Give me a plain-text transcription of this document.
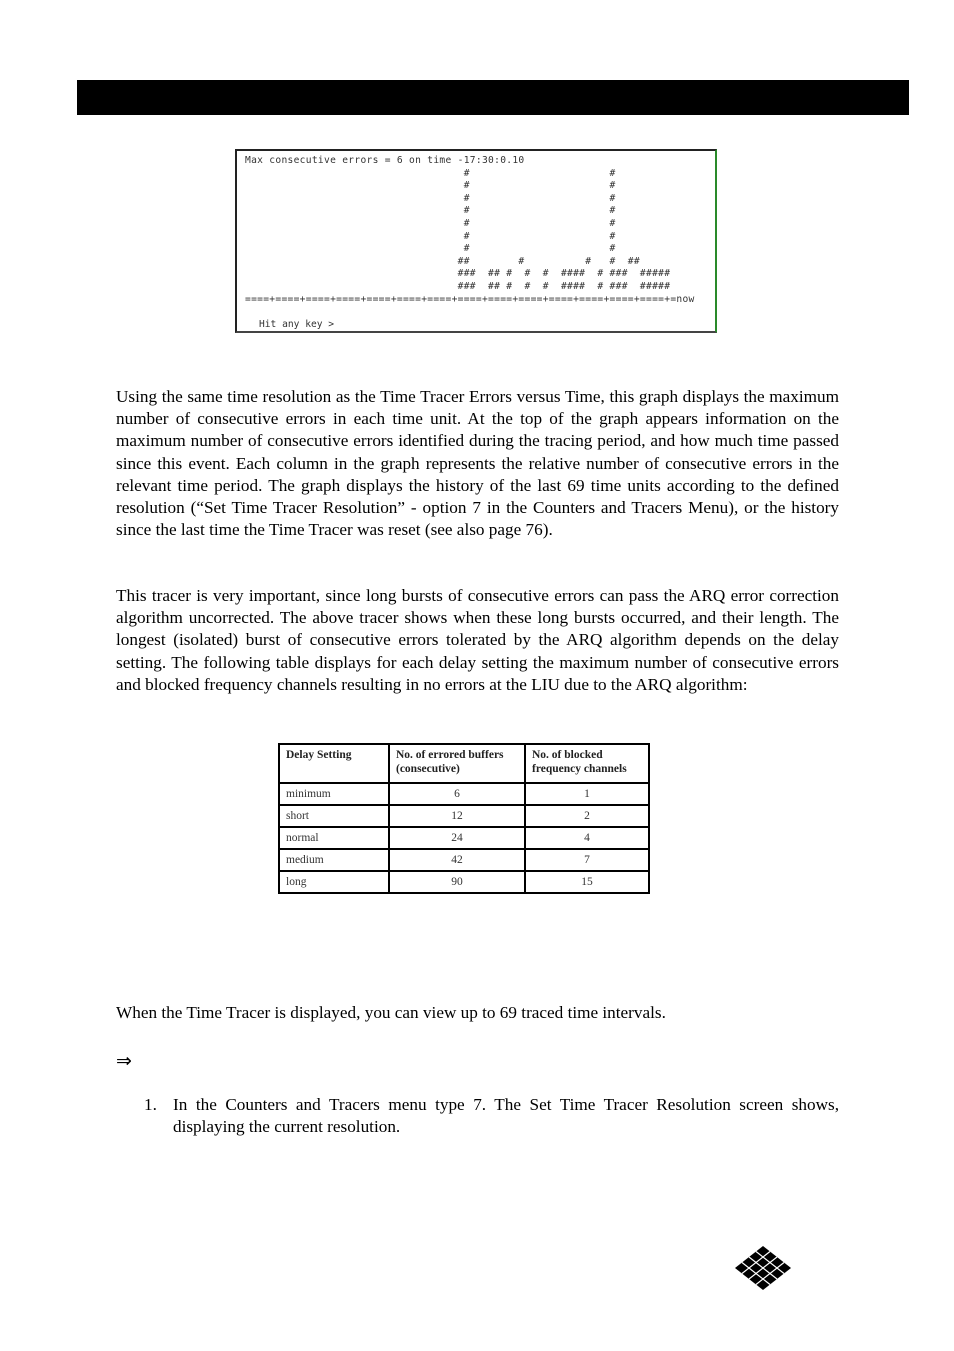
Max consecutive errors = 6 on time -17:30:0.10
#                       #
#                       #
#                       #
#                       #
#                       #
#                       #
#                       #
##        #          #   #  ##
###  ## #  #  #  ####  # ###  #####
###  ## #  #  #  ####  # ###  #####
====+====+====+====+====+====+====+====+====+====+====+====+====+====+=now
Hit any key >

Using the same time resolution as the Time Tracer Errors versus Time, this graph displays the maximum number of consecutive errors in each time unit. At the top of the graph appears information on the maximum number of consecutive errors identified during the tracing period, and how much time passed since this event. Each column in the graph represents the relative number of consecutive errors in the relevant time period. The graph displays the history of the last 69 time units according to the defined resolution (“Set Time Tracer Resolution” - option 7 in the Counters and Tracers Menu), or the history since the last time the Time Tracer was reset (see also page 76).

This tracer is very important, since long bursts of consecutive errors can pass the ARQ error correction algorithm uncorrected. The above tracer shows when these long bursts occurred, and their length. The longest (isolated) burst of consecutive errors tolerated by the ARQ algorithm depends on the delay setting. The following table displays for each delay setting the maximum number of consecutive errors and blocked frequency channels resulting in no errors at the LIU due to the ARQ algorithm:

Delay Setting	No. of errored buffers (consecutive)	No. of blocked frequency channels
minimum	6	1
short	12	2
normal	24	4
medium	42	7
long	90	15

When the Time Tracer is displayed, you can view up to 69 traced time intervals.

⇒
1. In the Counters and Tracers menu type 7. The Set Time Tracer Resolution screen shows, displaying the current resolution.
